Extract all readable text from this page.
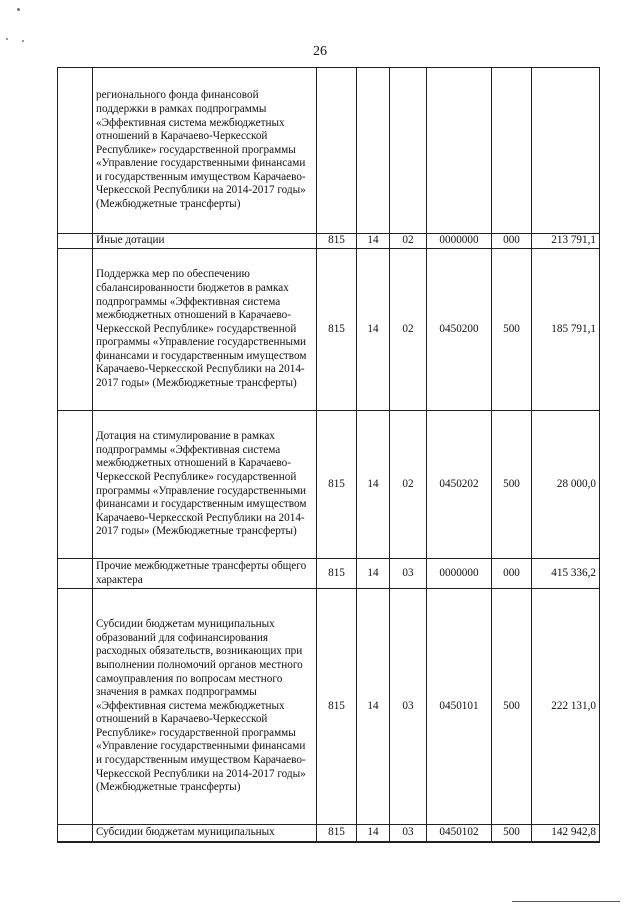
26
	регионального фонда финансовой поддержки в рамках подпрограммы «Эффективная система межбюджетных отношений в Карачаево-Черкесской Республике» государственной программы «Управление государственными финансами и государственным имуществом Карачаево-Черкесской Республики на 2014-2017 годы» (Межбюджетные трансферты)						
	Иные дотации	815	14	02	0000000	000	213 791,1
	Поддержка мер по обеспечению сбалансированности бюджетов в рамках подпрограммы «Эффективная система межбюджетных отношений в Карачаево-Черкесской Республике» государственной программы «Управление государственными финансами и государственным имуществом Карачаево-Черкесской Республики на 2014-2017 годы» (Межбюджетные трансферты)	815	14	02	0450200	500	185 791,1
	Дотация на стимулирование в рамках подпрограммы «Эффективная система межбюджетных отношений в Карачаево-Черкесской Республике» государственной программы «Управление государственными финансами и государственным имуществом Карачаево-Черкесской Республики на 2014-2017 годы» (Межбюджетные трансферты)	815	14	02	0450202	500	28 000,0
	Прочие межбюджетные трансферты общего характера	815	14	03	0000000	000	415 336,2
	Субсидии бюджетам муниципальных образований для софинансирования расходных обязательств, возникающих при выполнении полномочий органов местного самоуправления по вопросам местного значения в рамках подпрограммы «Эффективная система межбюджетных отношений в Карачаево-Черкесской Республике» государственной программы «Управление государственными финансами и государственным имуществом Карачаево-Черкесской Республики на 2014-2017 годы» (Межбюджетные трансферты)	815	14	03	0450101	500	222 131,0
	Субсидии бюджетам муниципальных	815	14	03	0450102	500	142 942,8
